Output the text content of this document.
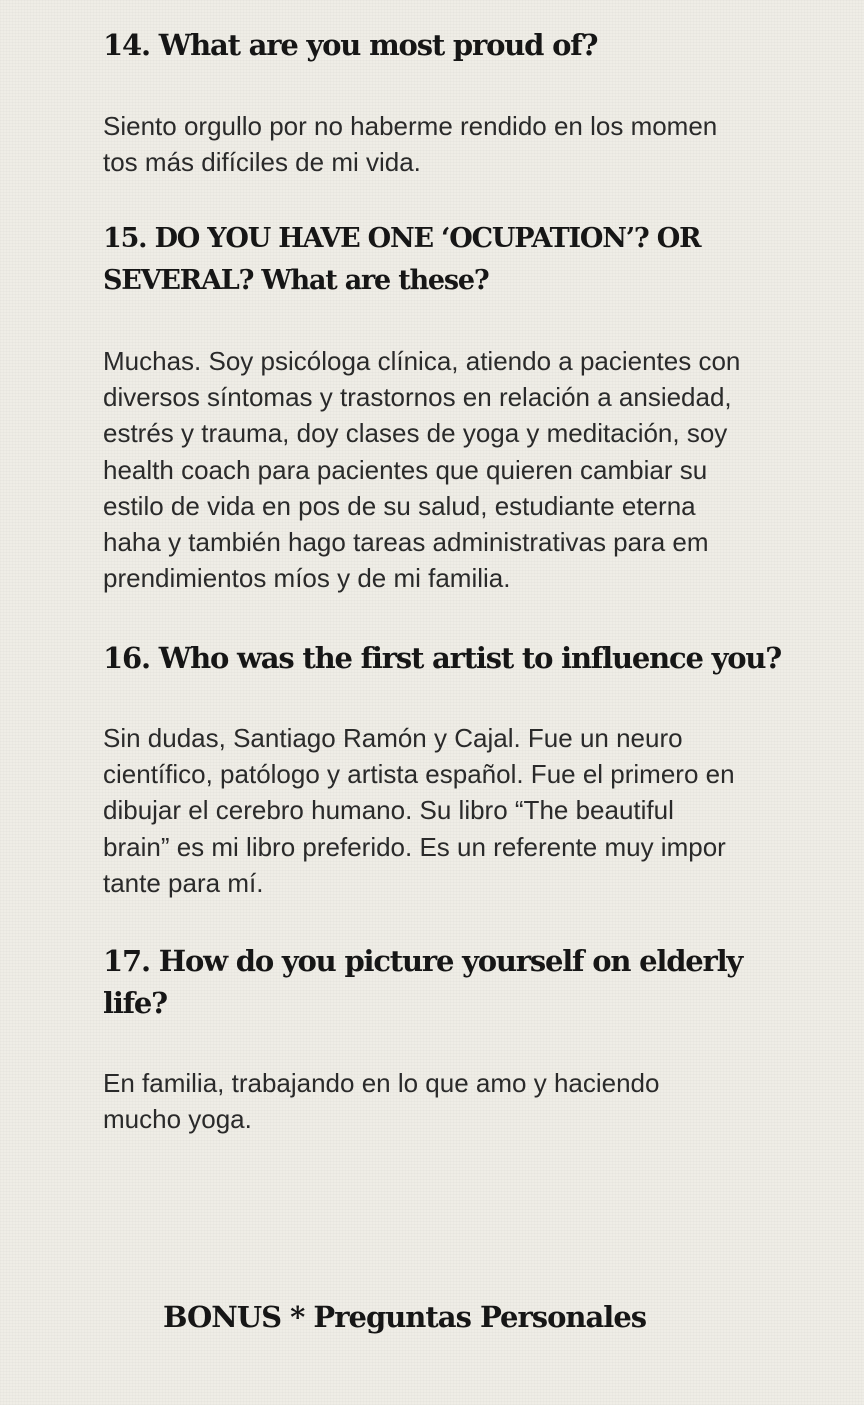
14. What are you most proud of?

Siento orgullo por no haberme rendido en los momen
tos más difíciles de mi vida.

15. DO YOU HAVE ONE ‘OCUPATION’? OR
SEVERAL? What are these?

Muchas. Soy psicóloga clínica, atiendo a pacientes con
diversos síntomas y trastornos en relación a ansiedad,
estrés y trauma, doy clases de yoga y meditación, soy
health coach para pacientes que quieren cambiar su
estilo de vida en pos de su salud, estudiante eterna
haha y también hago tareas administrativas para em
prendimientos míos y de mi familia.

16. Who was the first artist to influence you?

Sin dudas, Santiago Ramón y Cajal. Fue un neuro
científico, patólogo y artista español. Fue el primero en
dibujar el cerebro humano. Su libro “The beautiful
brain” es mi libro preferido. Es un referente muy impor
tante para mí.

17. How do you picture yourself on elderly
life?

En familia, trabajando en lo que amo y haciendo
mucho yoga.

BONUS * Preguntas Personales
